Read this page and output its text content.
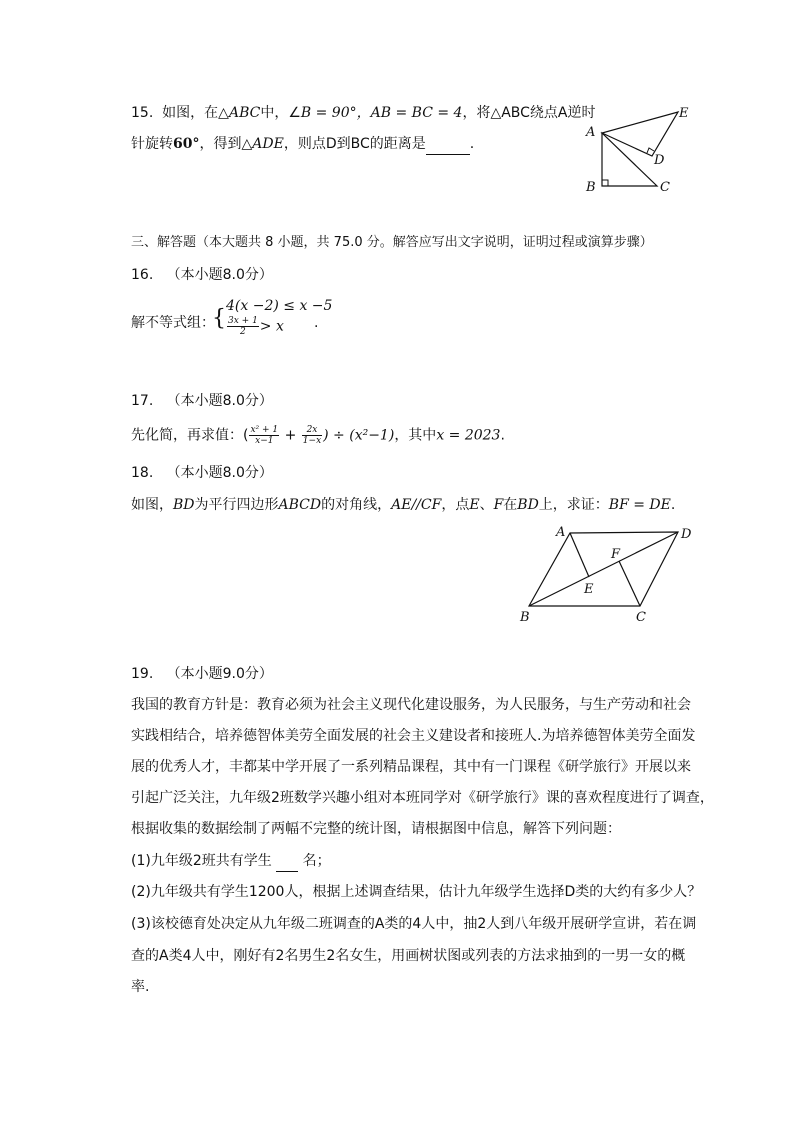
15. 如图，在△ABC中，∠B = 90°，AB = BC = 4，将△ABC绕点A逆时
针旋转60°，得到△ADE，则点D到BC的距离是	.
A
B	C
D
E
三、解答题（本大题共 8 小题，共 75.0 分。解答应写出文字说明，证明过程或演算步骤）
16. （本小题8.0分）
解不等式组：
{ 4(x −2) ≤ x −5
$\frac{3x + 1}{2} > x$ .
17. （本小题8.0分）
先化简，再求值：( $\frac{\text{x² + 1}}{x-1} + \frac{2x}{1-x}$ ) ÷ (x²−1)，其中x = 2023.
18. （本小题8.0分）
如图，BD为平行四边形ABCD的对角线，AE//CF，点E、F在BD上，求证：BF = DE.
A
B	C
D
E
F
19. （本小题9.0分）
我国的教育方针是：教育必须为社会主义现代化建设服务，为人民服务，与生产劳动和社会
实践相结合，培养德智体美劳全面发展的社会主义建设者和接班人.为培养德智体美劳全面发
展的优秀人才，丰都某中学开展了一系列精品课程，其中有一门课程《研学旅行》开展以来
引起广泛关注，九年级2班数学兴趣小组对本班同学对《研学旅行》课的喜欢程度进行了调查，
根据收集的数据绘制了两幅不完整的统计图，请根据图中信息，解答下列问题：
(1)九年级2班共有学生 名；
(2)九年级共有学生1200人，根据上述调查结果，估计九年级学生选择D类的大约有多少人？
(3)该校德育处决定从九年级二班调查的A类的4人中，抽2人到八年级开展研学宣讲，若在调
查的A类4人中，刚好有2名男生2名女生，用画树状图或列表的方法求抽到的一男一女的概
率.
